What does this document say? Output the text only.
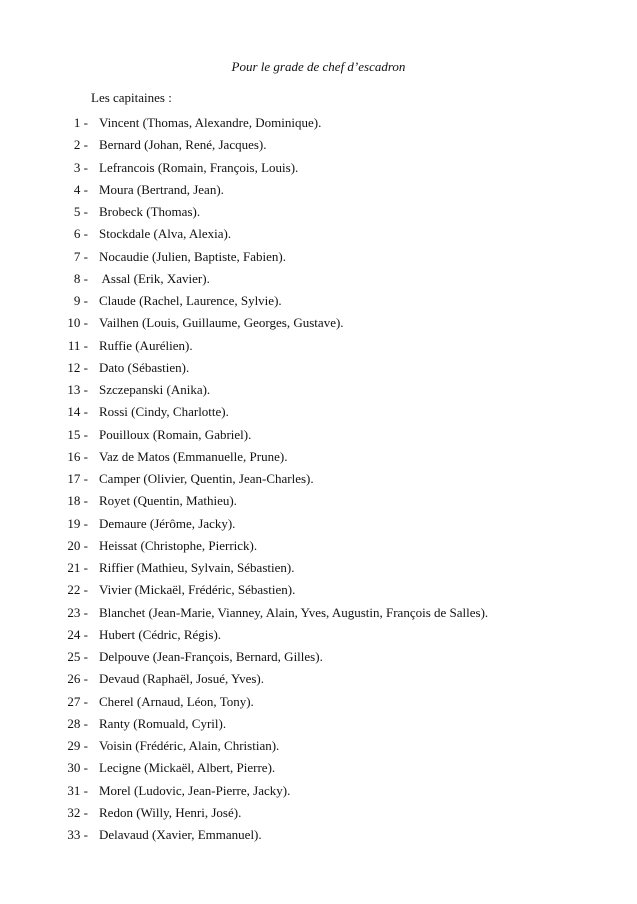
Pour le grade de chef d’escadron
Les capitaines :
1 - Vincent (Thomas, Alexandre, Dominique).
2 - Bernard (Johan, René, Jacques).
3 - Lefrancois (Romain, François, Louis).
4 - Moura (Bertrand, Jean).
5 - Brobeck (Thomas).
6 - Stockdale (Alva, Alexia).
7 - Nocaudie (Julien, Baptiste, Fabien).
8 - Assal (Erik, Xavier).
9 - Claude (Rachel, Laurence, Sylvie).
10 - Vailhen (Louis, Guillaume, Georges, Gustave).
11 - Ruffie (Aurélien).
12 - Dato (Sébastien).
13 - Szczepanski (Anika).
14 - Rossi (Cindy, Charlotte).
15 - Pouilloux (Romain, Gabriel).
16 - Vaz de Matos (Emmanuelle, Prune).
17 - Camper (Olivier, Quentin, Jean-Charles).
18 - Royet (Quentin, Mathieu).
19 - Demaure (Jérôme, Jacky).
20 - Heissat (Christophe, Pierrick).
21 - Riffier (Mathieu, Sylvain, Sébastien).
22 - Vivier (Mickaël, Frédéric, Sébastien).
23 - Blanchet (Jean-Marie, Vianney, Alain, Yves, Augustin, François de Salles).
24 - Hubert (Cédric, Régis).
25 - Delpouve (Jean-François, Bernard, Gilles).
26 - Devaud (Raphaël, Josué, Yves).
27 - Cherel (Arnaud, Léon, Tony).
28 - Ranty (Romuald, Cyril).
29 - Voisin (Frédéric, Alain, Christian).
30 - Lecigne (Mickaël, Albert, Pierre).
31 - Morel (Ludovic, Jean-Pierre, Jacky).
32 - Redon (Willy, Henri, José).
33 - Delavaud (Xavier, Emmanuel).
